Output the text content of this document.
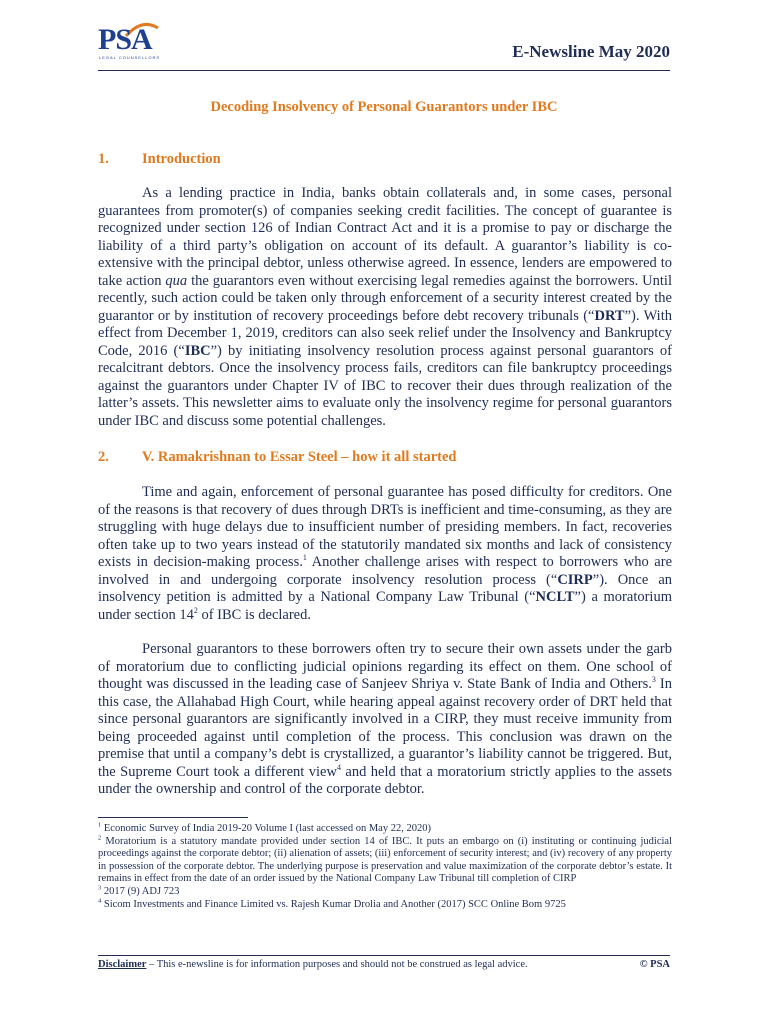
PSA
LEGAL COUNSELLORS	E-Newsline May 2020
Decoding Insolvency of Personal Guarantors under IBC
1. Introduction

As a lending practice in India, banks obtain collaterals and, in some cases, personal guarantees from promoter(s) of companies seeking credit facilities. The concept of guarantee is recognized under section 126 of Indian Contract Act and it is a promise to pay or discharge the liability of a third party’s obligation on account of its default. A guarantor’s liability is co-extensive with the principal debtor, unless otherwise agreed. In essence, lenders are empowered to take action qua the guarantors even without exercising legal remedies against the borrowers. Until recently, such action could be taken only through enforcement of a security interest created by the guarantor or by institution of recovery proceedings before debt recovery tribunals (“DRT”). With effect from December 1, 2019, creditors can also seek relief under the Insolvency and Bankruptcy Code, 2016 (“IBC”) by initiating insolvency resolution process against personal guarantors of recalcitrant debtors. Once the insolvency process fails, creditors can file bankruptcy proceedings against the guarantors under Chapter IV of IBC to recover their dues through realization of the latter’s assets. This newsletter aims to evaluate only the insolvency regime for personal guarantors under IBC and discuss some potential challenges.

2. V. Ramakrishnan to Essar Steel – how it all started

Time and again, enforcement of personal guarantee has posed difficulty for creditors. One of the reasons is that recovery of dues through DRTs is inefficient and time-consuming, as they are struggling with huge delays due to insufficient number of presiding members. In fact, recoveries often take up to two years instead of the statutorily mandated six months and lack of consistency exists in decision-making process.$^1$ Another challenge arises with respect to borrowers who are involved in and undergoing corporate insolvency resolution process (“CIRP”). Once an insolvency petition is admitted by a National Company Law Tribunal (“NCLT”) a moratorium under section $14^2$ of IBC is declared.

Personal guarantors to these borrowers often try to secure their own assets under the garb of moratorium due to conflicting judicial opinions regarding its effect on them. One school of thought was discussed in the leading case of Sanjeev Shriya v. State Bank of India and Others.$^3$ In this case, the Allahabad High Court, while hearing appeal against recovery order of DRT held that since personal guarantors are significantly involved in a CIRP, they must receive immunity from being proceeded against until completion of the process. This conclusion was drawn on the premise that until a company’s debt is crystallized, a guarantor’s liability cannot be triggered. But, the Supreme Court took a different view$^4$ and held that a moratorium strictly applies to the assets under the ownership and control of the corporate debtor.

$^1$ Economic Survey of India 2019-20 Volume I (last accessed on May 22, 2020)

$^2$ Moratorium is a statutory mandate provided under section 14 of IBC. It puts an embargo on (i) instituting or continuing judicial proceedings against the corporate debtor; (ii) alienation of assets; (iii) enforcement of security interest; and (iv) recovery of any property in possession of the corporate debtor. The underlying purpose is preservation and value maximization of the corporate debtor’s estate. It remains in effect from the date of an order issued by the National Company Law Tribunal till completion of CIRP

$^3$ 2017 (9) ADJ 723

$^4$ Sicom Investments and Finance Limited vs. Rajesh Kumar Drolia and Another (2017) SCC Online Bom 9725

Disclaimer – This e-newsline is for information purposes and should not be construed as legal advice.	© PSA
